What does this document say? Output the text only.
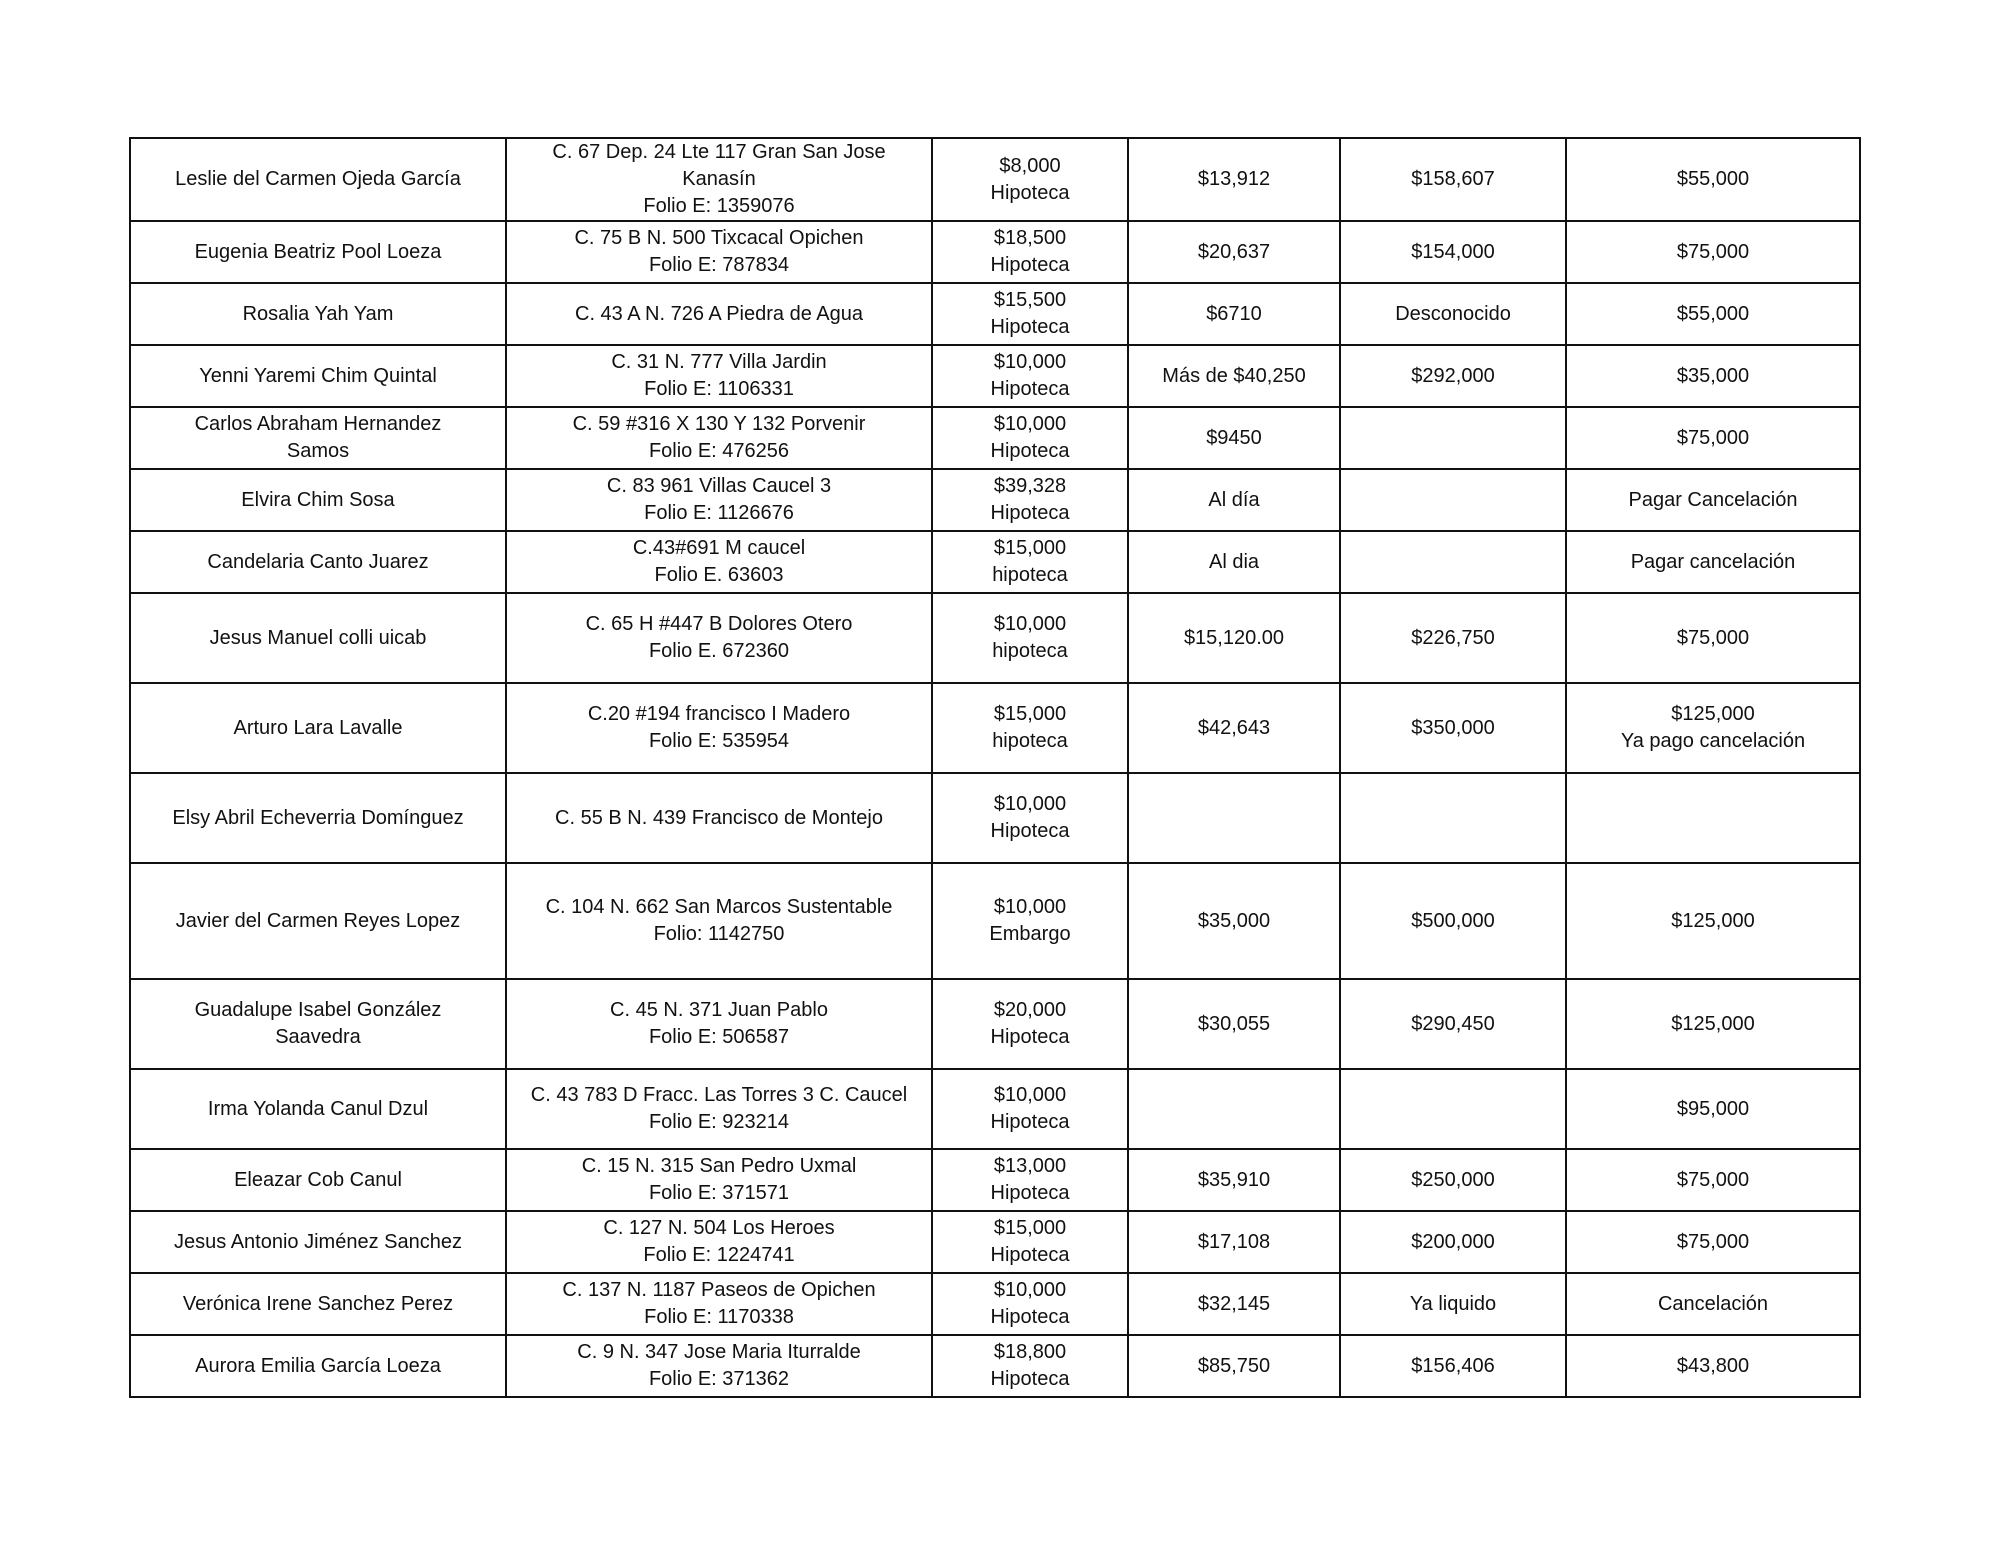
Leslie del Carmen Ojeda García	C. 67 Dep. 24 Lte 117 Gran San Jose
Kanasín
Folio E: 1359076	$8,000
Hipoteca	$13,912	$158,607	$55,000

Eugenia Beatriz Pool Loeza	C. 75 B N. 500 Tixcacal Opichen
Folio E: 787834	$18,500
Hipoteca	$20,637	$154,000	$75,000

Rosalia Yah Yam	C. 43 A N. 726 A Piedra de Agua	$15,500
Hipoteca	$6710	Desconocido	$55,000

Yenni Yaremi Chim Quintal	C. 31 N. 777 Villa Jardin
Folio E: 1106331	$10,000
Hipoteca	Más de $40,250	$292,000	$35,000

Carlos Abraham Hernandez
Samos	C. 59 #316 X 130 Y 132 Porvenir
Folio E: 476256	$10,000
Hipoteca	$9450		$75,000

Elvira Chim Sosa	C. 83 961 Villas Caucel 3
Folio E: 1126676	$39,328
Hipoteca	Al día		Pagar Cancelación

Candelaria Canto Juarez	C.43#691 M caucel
Folio E. 63603	$15,000
hipoteca	Al dia		Pagar cancelación

Jesus Manuel colli uicab	C. 65 H #447 B Dolores Otero
Folio E. 672360	$10,000
hipoteca	$15,120.00	$226,750	$75,000

Arturo Lara Lavalle	C.20 #194 francisco I Madero
Folio E: 535954	$15,000
hipoteca	$42,643	$350,000	$125,000
Ya pago cancelación

Elsy Abril Echeverria Domínguez	C. 55 B N. 439 Francisco de Montejo	$10,000
Hipoteca			

Javier del Carmen Reyes Lopez	C. 104 N. 662 San Marcos Sustentable
Folio: 1142750	$10,000
Embargo	$35,000	$500,000	$125,000

Guadalupe Isabel González
Saavedra	C. 45 N. 371 Juan Pablo
Folio E: 506587	$20,000
Hipoteca	$30,055	$290,450	$125,000

Irma Yolanda Canul Dzul	C. 43 783 D Fracc. Las Torres 3 C. Caucel
Folio E: 923214	$10,000
Hipoteca			$95,000

Eleazar Cob Canul	C. 15 N. 315 San Pedro Uxmal
Folio E: 371571	$13,000
Hipoteca	$35,910	$250,000	$75,000

Jesus Antonio Jiménez Sanchez	C. 127 N. 504 Los Heroes
Folio E: 1224741	$15,000
Hipoteca	$17,108	$200,000	$75,000

Verónica Irene Sanchez Perez	C. 137 N. 1187 Paseos de Opichen
Folio E: 1170338	$10,000
Hipoteca	$32,145	Ya liquido	Cancelación

Aurora Emilia García Loeza	C. 9 N. 347 Jose Maria Iturralde
Folio E: 371362	$18,800
Hipoteca	$85,750	$156,406	$43,800
